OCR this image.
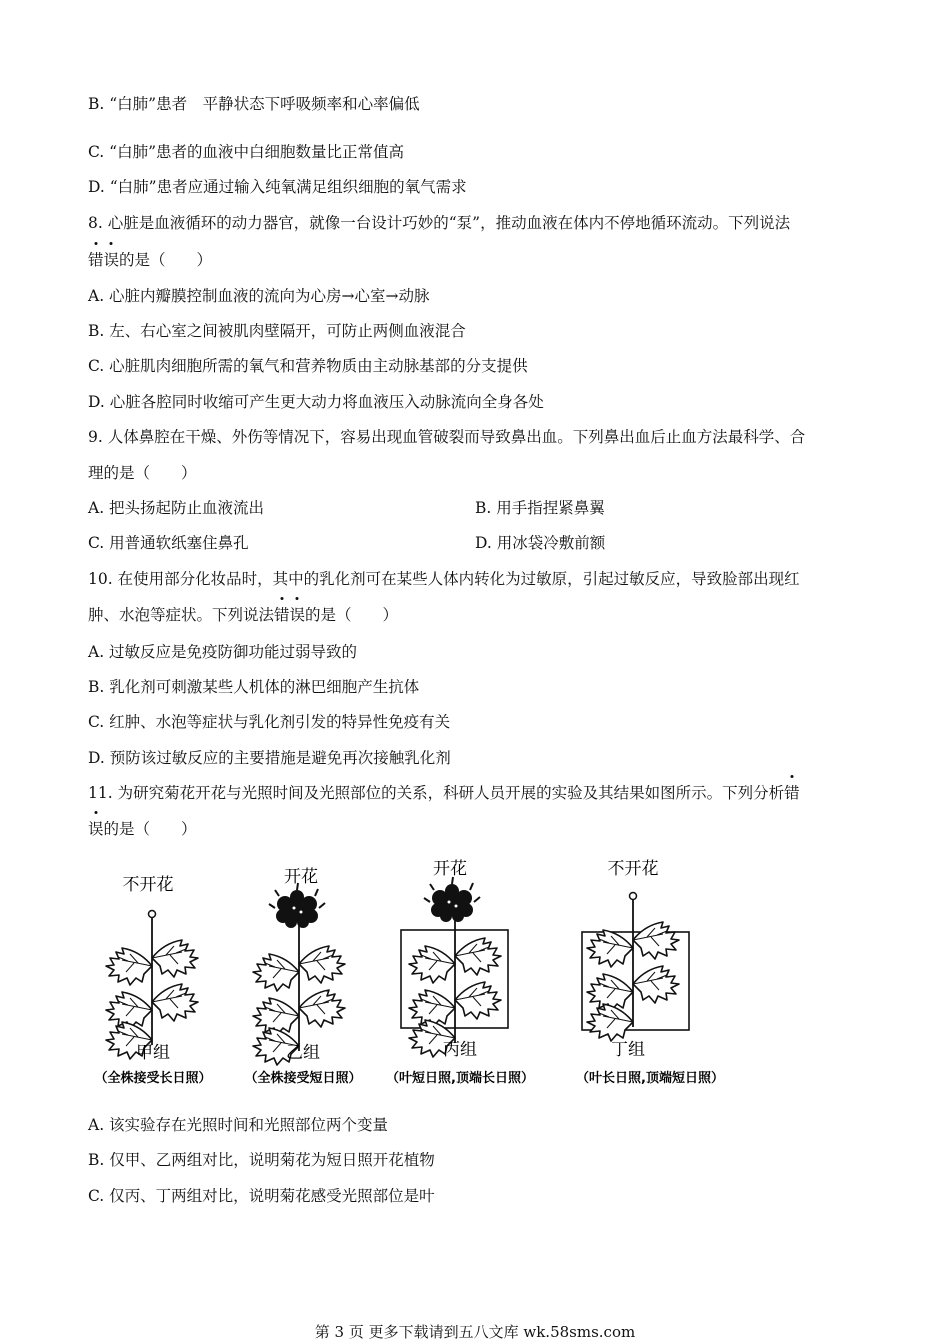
B. “白肺”患者　平静状态下呼吸频率和心率偏低
C. “白肺”患者的血液中白细胞数量比正常值高
D. “白肺”患者应通过输入纯氧满足组织细胞的氧气需求
8. 心脏是血液循环的动力器官，就像一台设计巧妙的“泵”，推动血液在体内不停地循环流动。下列说法
错误的是（　　）
A. 心脏内瓣膜控制血液的流向为心房→心室→动脉
B. 左、右心室之间被肌肉壁隔开，可防止两侧血液混合
C. 心脏肌肉细胞所需的氧气和营养物质由主动脉基部的分支提供
D. 心脏各腔同时收缩可产生更大动力将血液压入动脉流向全身各处
9. 人体鼻腔在干燥、外伤等情况下，容易出现血管破裂而导致鼻出血。下列鼻出血后止血方法最科学、合
理的是（　　）
A. 把头扬起防止血液流出	B. 用手指捏紧鼻翼
C. 用普通软纸塞住鼻孔	D. 用冰袋冷敷前额
10. 在使用部分化妆品时，其中的乳化剂可在某些人体内转化为过敏原，引起过敏反应，导致脸部出现红
肿、水泡等症状。下列说法错误的是（　　）
A. 过敏反应是免疫防御功能过弱导致的
B. 乳化剂可刺激某些人机体的淋巴细胞产生抗体
C. 红肿、水泡等症状与乳化剂引发的特异性免疫有关
D. 预防该过敏反应的主要措施是避免再次接触乳化剂
11. 为研究菊花开花与光照时间及光照部位的关系，科研人员开展的实验及其结果如图所示。下列分析错
误的是（　　）
不开花
甲组
（全株接受长日照）
开花
乙组
（全株接受短日照）
开花
丙组
（叶短日照,顶端长日照）
不开花
丁组
（叶长日照,顶端短日照）
A. 该实验存在光照时间和光照部位两个变量
B. 仅甲、乙两组对比，说明菊花为短日照开花植物
C. 仅丙、丁两组对比，说明菊花感受光照部位是叶
第 3 页 更多下载请到五八文库 wk.58sms.com
